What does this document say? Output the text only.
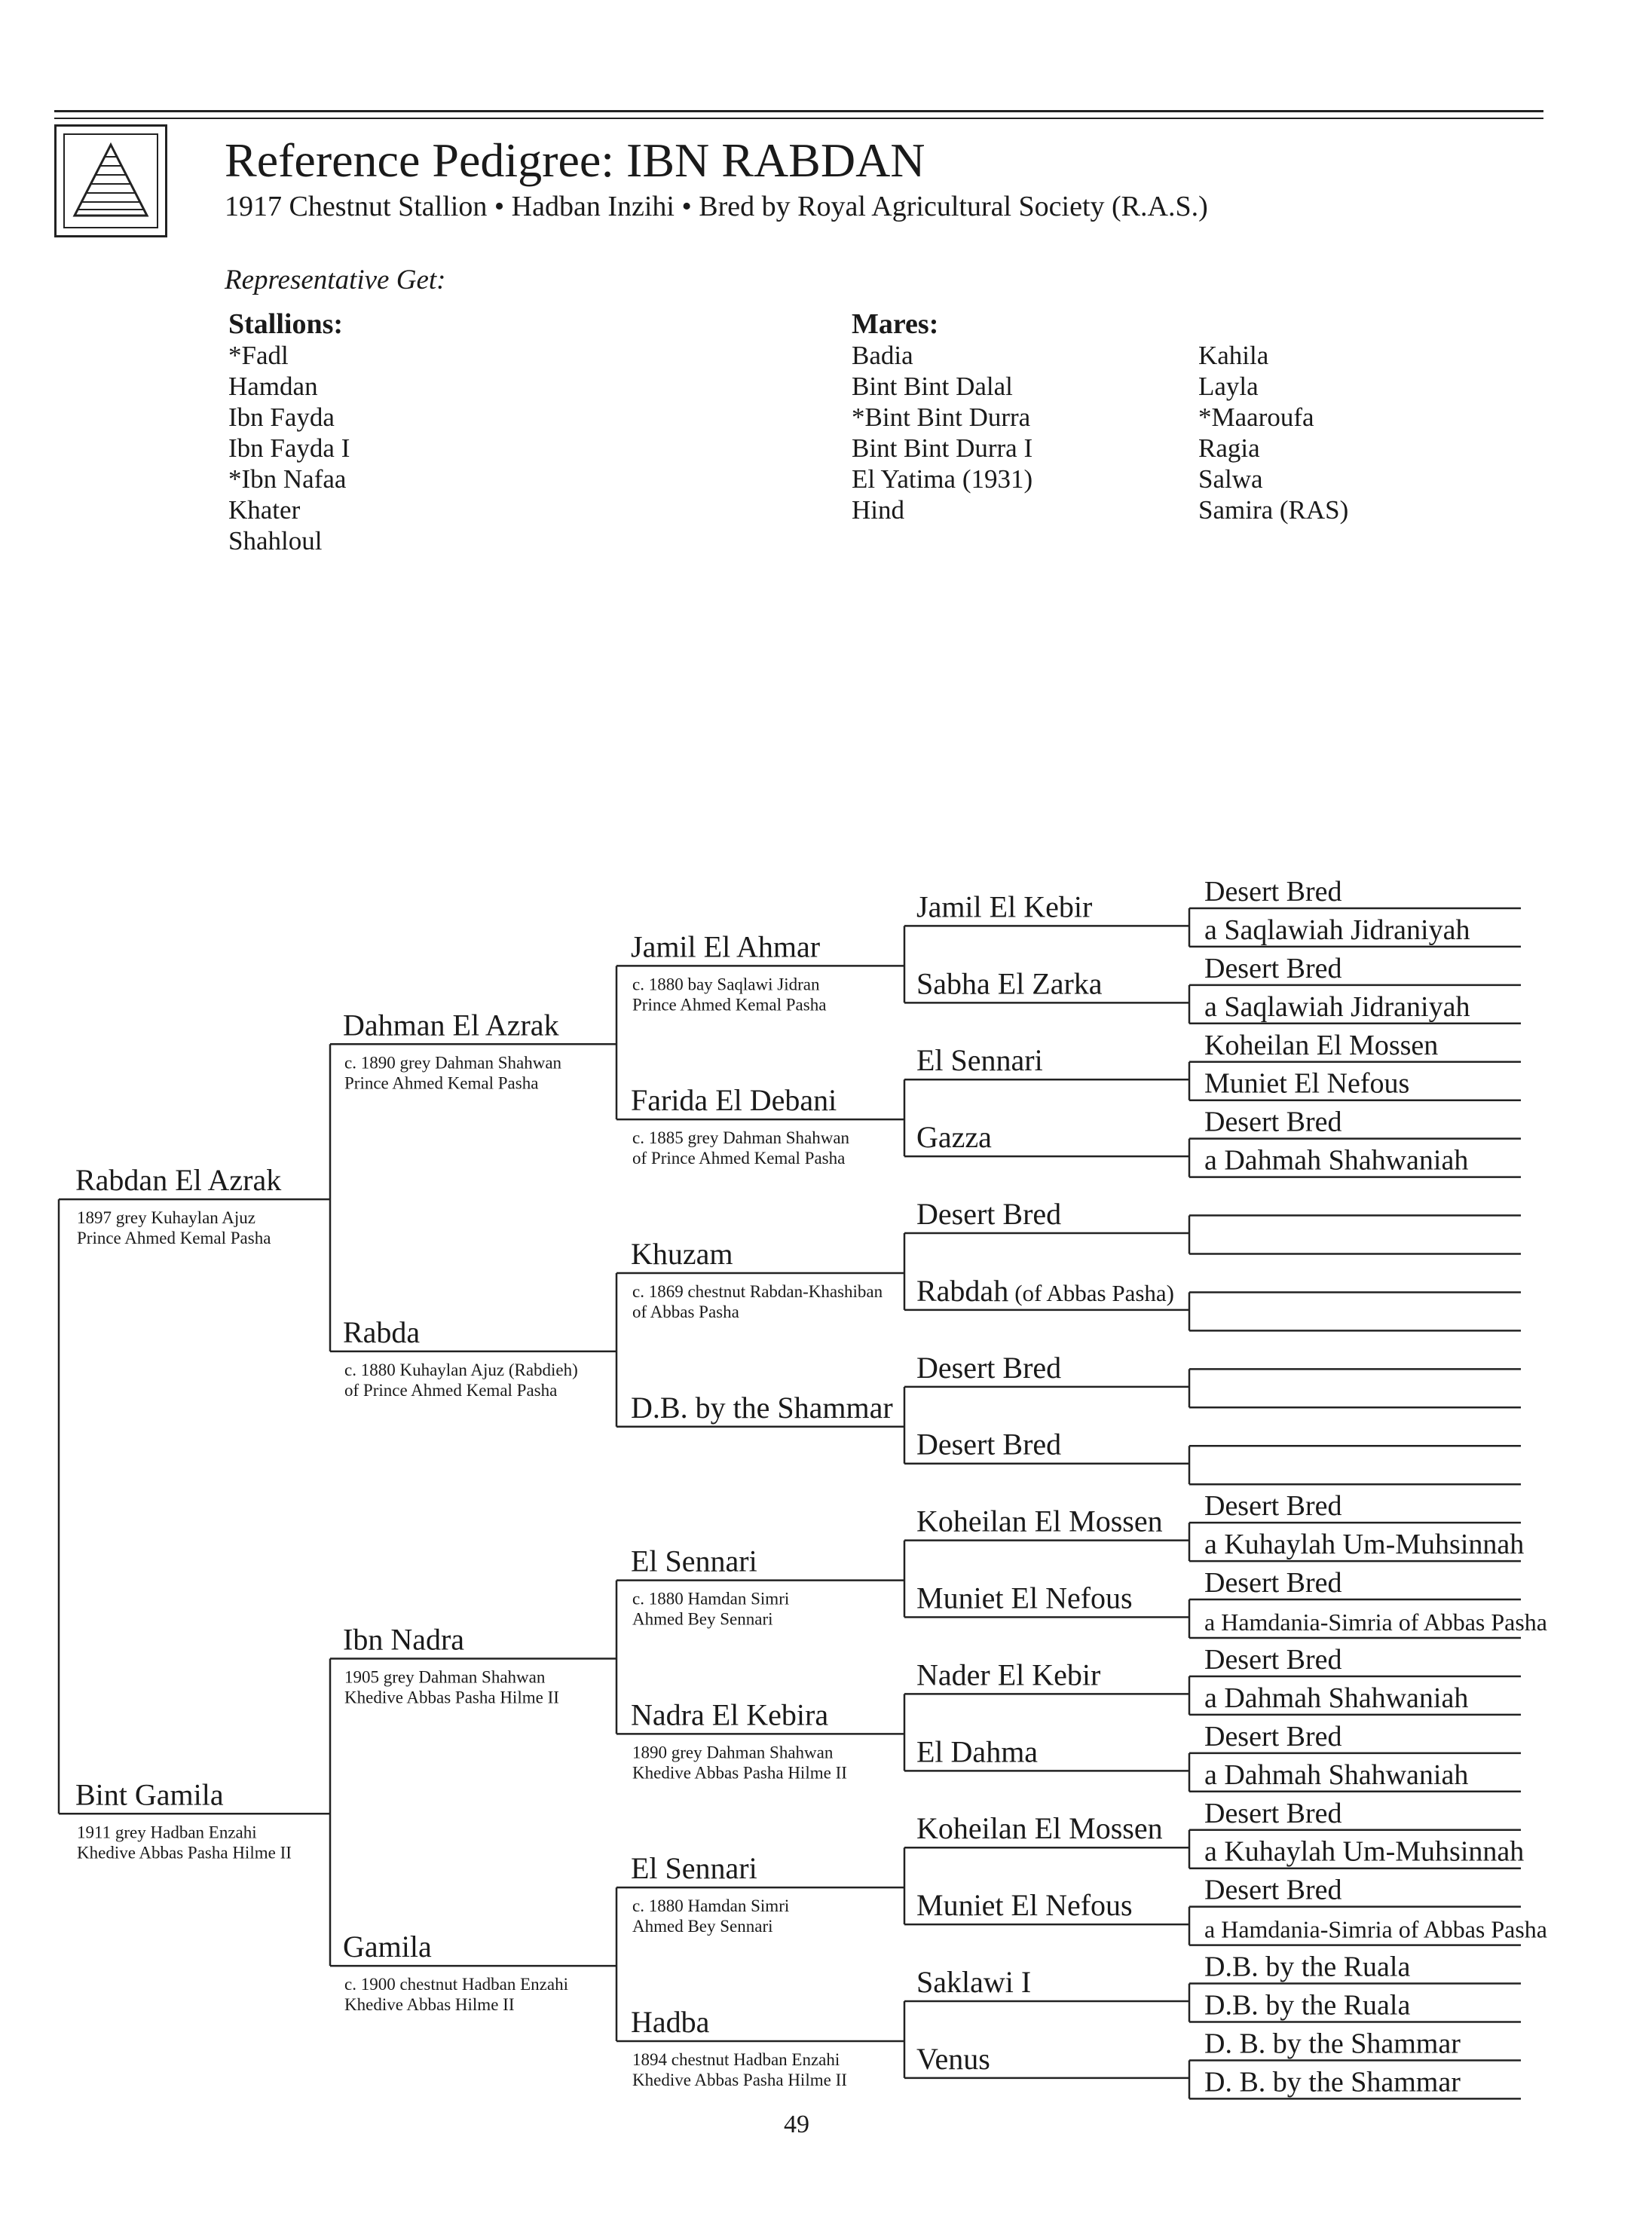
Reference Pedigree: IBN RABDAN
1917 Chestnut Stallion • Hadban Inzihi • Bred by Royal Agricultural Society (R.A.S.)
Representative Get:
Stallions:
*Fadl
Hamdan
Ibn Fayda
Ibn Fayda I
*Ibn Nafaa
Khater
Shahloul
Mares:
Badia
Bint Bint Dalal
*Bint Bint Durra
Bint Bint Durra I
El Yatima (1931)
Hind
Kahila
Layla
*Maaroufa
Ragia
Salwa
Samira (RAS)
Desert Bred
a Saqlawiah Jidraniyah
Desert Bred
a Saqlawiah Jidraniyah
Koheilan El Mossen
Muniet El Nefous
Desert Bred
a Dahmah Shahwaniah
Desert Bred
a Kuhaylah Um-Muhsinnah
Desert Bred
a Hamdania-Simria of Abbas Pasha
Desert Bred
a Dahmah Shahwaniah
Desert Bred
a Dahmah Shahwaniah
Desert Bred
a Kuhaylah Um-Muhsinnah
Desert Bred
a Hamdania-Simria of Abbas Pasha
D.B. by the Ruala
D.B. by the Ruala
D. B. by the Shammar
D. B. by the Shammar
Jamil El Kebir
Sabha El Zarka
El Sennari
Gazza
Desert Bred
Rabdah (of Abbas Pasha)
Desert Bred
Desert Bred
Koheilan El Mossen
Muniet El Nefous
Nader El Kebir
El Dahma
Koheilan El Mossen
Muniet El Nefous
Saklawi I
Venus
Jamil El Ahmar
c. 1880 bay Saqlawi Jidran
Prince Ahmed Kemal Pasha
Farida El Debani
c. 1885 grey Dahman Shahwan
of Prince Ahmed Kemal Pasha
Khuzam
c. 1869 chestnut Rabdan-Khashiban
of Abbas Pasha
D.B. by the Shammar
El Sennari
c. 1880 Hamdan Simri
Ahmed Bey Sennari
Nadra El Kebira
1890 grey Dahman Shahwan
Khedive Abbas Pasha Hilme II
El Sennari
c. 1880 Hamdan Simri
Ahmed Bey Sennari
Hadba
1894 chestnut Hadban Enzahi
Khedive Abbas Pasha Hilme II
Dahman El Azrak
c. 1890 grey Dahman Shahwan
Prince Ahmed Kemal Pasha
Rabda
c. 1880 Kuhaylan Ajuz (Rabdieh)
of Prince Ahmed Kemal Pasha
Ibn Nadra
1905 grey Dahman Shahwan
Khedive Abbas Pasha Hilme II
Gamila
c. 1900 chestnut Hadban Enzahi
Khedive Abbas Hilme II
Rabdan El Azrak
1897 grey Kuhaylan Ajuz
Prince Ahmed Kemal Pasha
Bint Gamila
1911 grey Hadban Enzahi
Khedive Abbas Pasha Hilme II
49
